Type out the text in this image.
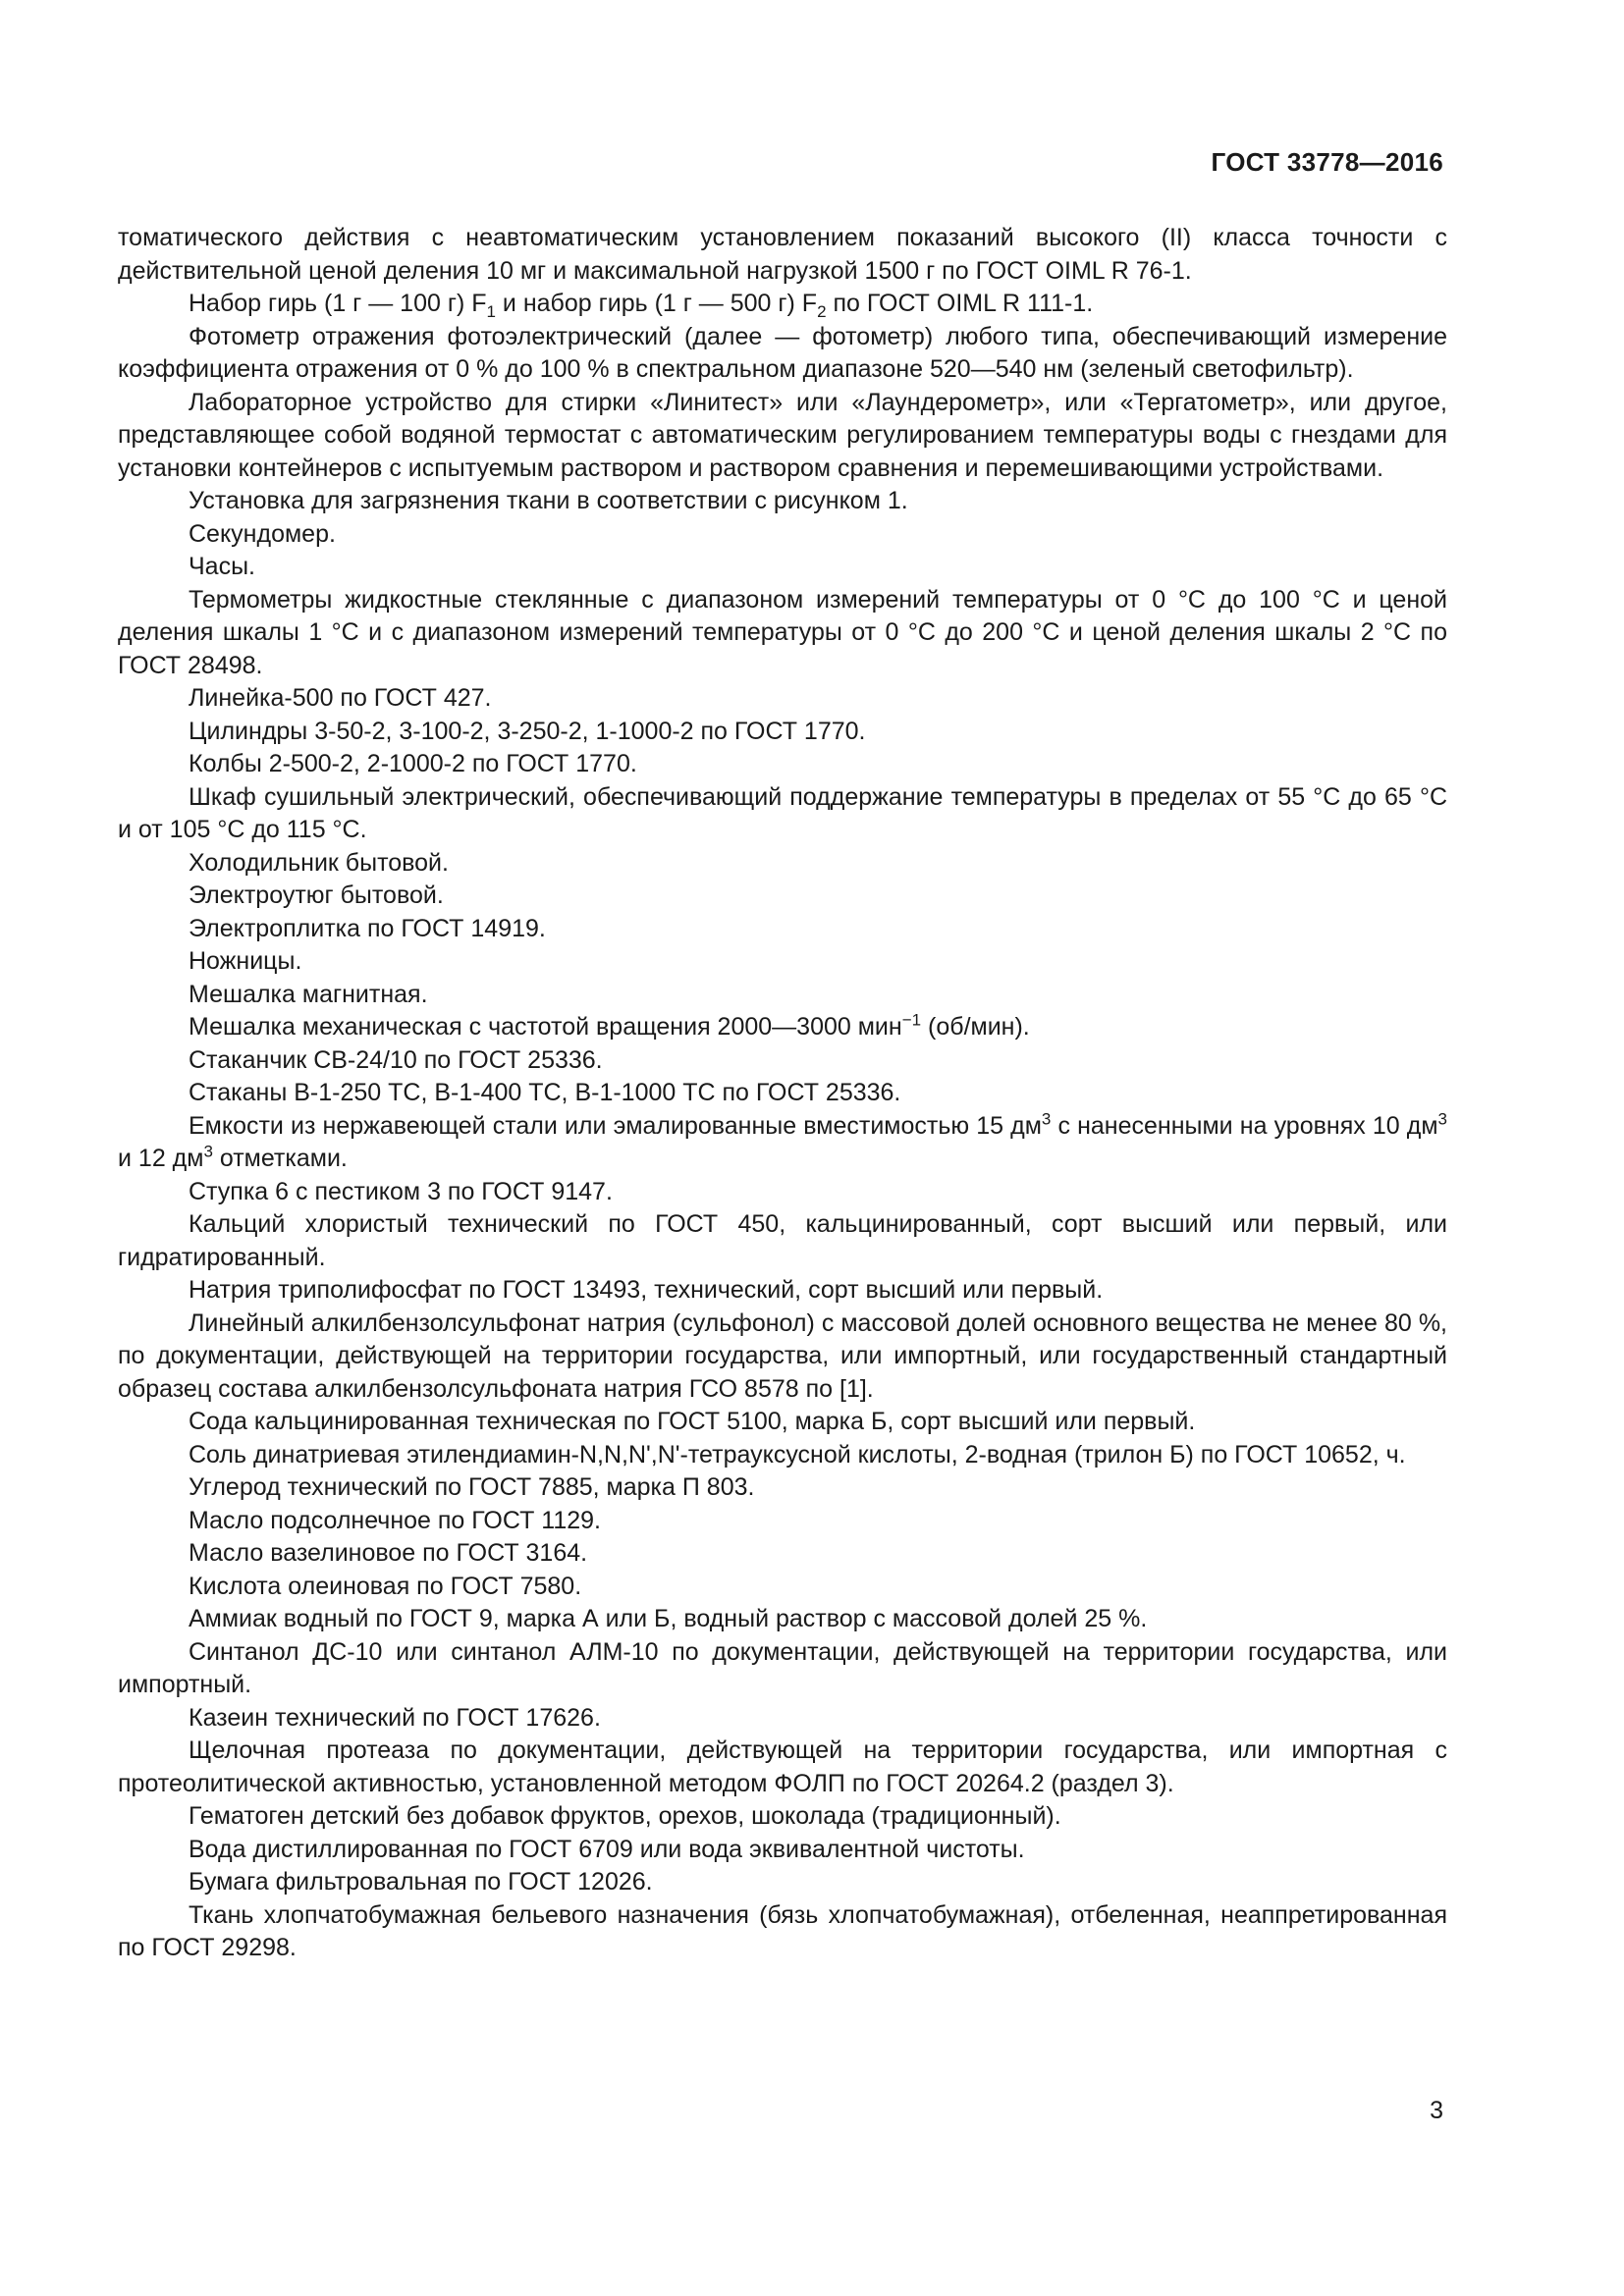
ГОСТ 33778—2016

томатического действия с неавтоматическим установлением показаний высокого (II) класса точности с действительной ценой деления 10 мг и максимальной нагрузкой 1500 г по ГОСТ OIML R 76-1.

Набор гирь (1 г — 100 г) $F_1$ и набор гирь (1 г — 500 г) $F_2$ по ГОСТ OIML R 111-1.

Фотометр отражения фотоэлектрический (далее — фотометр) любого типа, обеспечивающий измерение коэффициента отражения от 0 % до 100 % в спектральном диапазоне 520—540 нм (зеленый светофильтр).

Лабораторное устройство для стирки «Линитест» или «Лаундерометр», или «Тергатометр», или другое, представляющее собой водяной термостат с автоматическим регулированием температуры воды с гнездами для установки контейнеров с испытуемым раствором и раствором сравнения и перемешивающими устройствами.

Установка для загрязнения ткани в соответствии с рисунком 1.

Секундомер.

Часы.

Термометры жидкостные стеклянные с диапазоном измерений температуры от 0 °С до 100 °С и ценой деления шкалы 1 °С и с диапазоном измерений температуры от 0 °С до 200 °С и ценой деления шкалы 2 °С по ГОСТ 28498.

Линейка-500 по ГОСТ 427.

Цилиндры 3-50-2, 3-100-2, 3-250-2, 1-1000-2 по ГОСТ 1770.

Колбы 2-500-2, 2-1000-2 по ГОСТ 1770.

Шкаф сушильный электрический, обеспечивающий поддержание температуры в пределах от 55 °С до 65 °С и от 105 °С до 115 °С.

Холодильник бытовой.

Электроутюг бытовой.

Электроплитка по ГОСТ 14919.

Ножницы.

Мешалка магнитная.

Мешалка механическая с частотой вращения 2000—3000 мин$^{-1}$ (об/мин).

Стаканчик СВ-24/10 по ГОСТ 25336.

Стаканы В-1-250 ТС, В-1-400 ТС, В-1-1000 ТС по ГОСТ 25336.

Емкости из нержавеющей стали или эмалированные вместимостью 15 $дм^3$ с нанесенными на уровнях 10 $дм^3$ и 12 $дм^3$ отметками.

Ступка 6 с пестиком 3 по ГОСТ 9147.

Кальций хлористый технический по ГОСТ 450, кальцинированный, сорт высший или первый, или гидратированный.

Натрия триполифосфат по ГОСТ 13493, технический, сорт высший или первый.

Линейный алкилбензолсульфонат натрия (сульфонол) с массовой долей основного вещества не менее 80 %, по документации, действующей на территории государства, или импортный, или государственный стандартный образец состава алкилбензолсульфоната натрия ГСО 8578 по [1].

Сода кальцинированная техническая по ГОСТ 5100, марка Б, сорт высший или первый.

Соль динатриевая этилендиамин-N,N,N',N'-тетрауксусной кислоты, 2-водная (трилон Б) по ГОСТ 10652, ч.

Углерод технический по ГОСТ 7885, марка П 803.

Масло подсолнечное по ГОСТ 1129.

Масло вазелиновое по ГОСТ 3164.

Кислота олеиновая по ГОСТ 7580.

Аммиак водный по ГОСТ 9, марка А или Б, водный раствор с массовой долей 25 %.

Синтанол ДС-10 или синтанол АЛМ-10 по документации, действующей на территории государства, или импортный.

Казеин технический по ГОСТ 17626.

Щелочная протеаза по документации, действующей на территории государства, или импортная с протеолитической активностью, установленной методом ФОЛП по ГОСТ 20264.2 (раздел 3).

Гематоген детский без добавок фруктов, орехов, шоколада (традиционный).

Вода дистиллированная по ГОСТ 6709 или вода эквивалентной чистоты.

Бумага фильтровальная по ГОСТ 12026.

Ткань хлопчатобумажная бельевого назначения (бязь хлопчатобумажная), отбеленная, неаппретированная по ГОСТ 29298.

3
